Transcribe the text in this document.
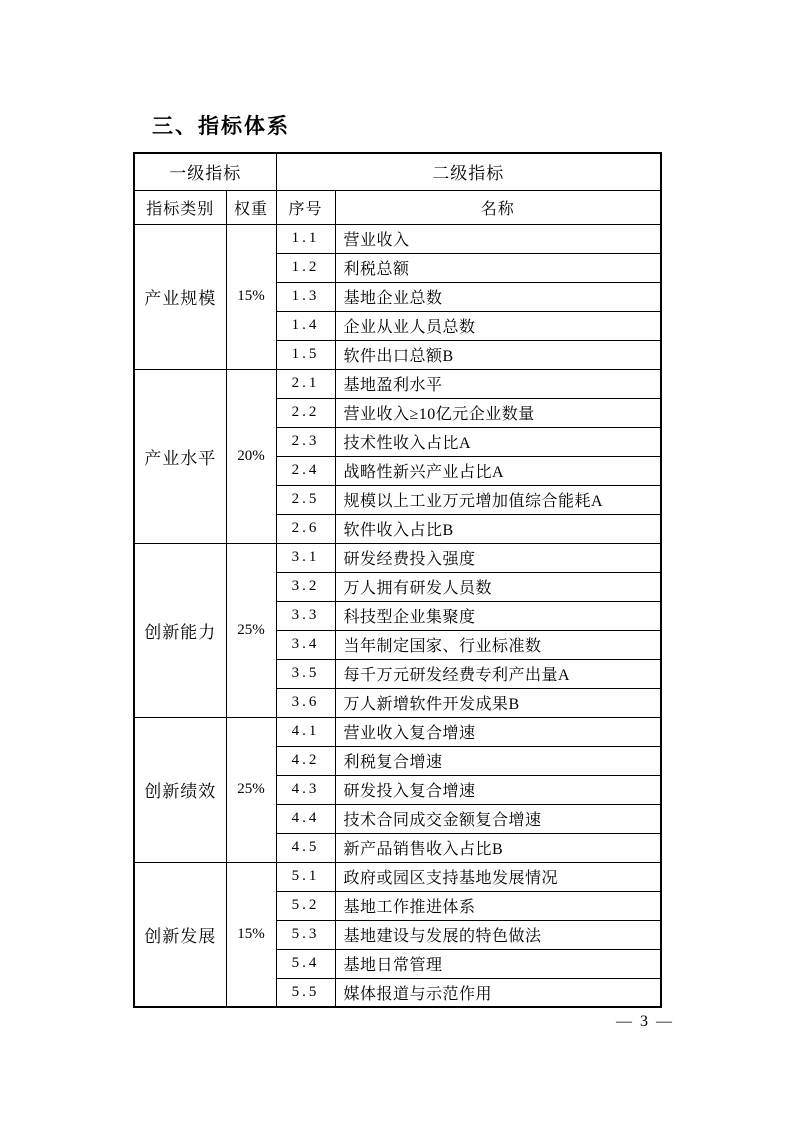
三、指标体系
一级指标		二级指标	
指标类别	权重	序号	名称
产业规模	15%	1.1	营业收入
		1.2	利税总额
		1.3	基地企业总数
		1.4	企业从业人员总数
		1.5	软件出口总额B
产业水平	20%	2.1	基地盈利水平
		2.2	营业收入≥10亿元企业数量
		2.3	技术性收入占比A
		2.4	战略性新兴产业占比A
		2.5	规模以上工业万元增加值综合能耗A
		2.6	软件收入占比B
创新能力	25%	3.1	研发经费投入强度
		3.2	万人拥有研发人员数
		3.3	科技型企业集聚度
		3.4	当年制定国家、行业标准数
		3.5	每千万元研发经费专利产出量A
		3.6	万人新增软件开发成果B
创新绩效	25%	4.1	营业收入复合增速
		4.2	利税复合增速
		4.3	研发投入复合增速
		4.4	技术合同成交金额复合增速
		4.5	新产品销售收入占比B
创新发展	15%	5.1	政府或园区支持基地发展情况
		5.2	基地工作推进体系
		5.3	基地建设与发展的特色做法
		5.4	基地日常管理
		5.5	媒体报道与示范作用
— 3 —
